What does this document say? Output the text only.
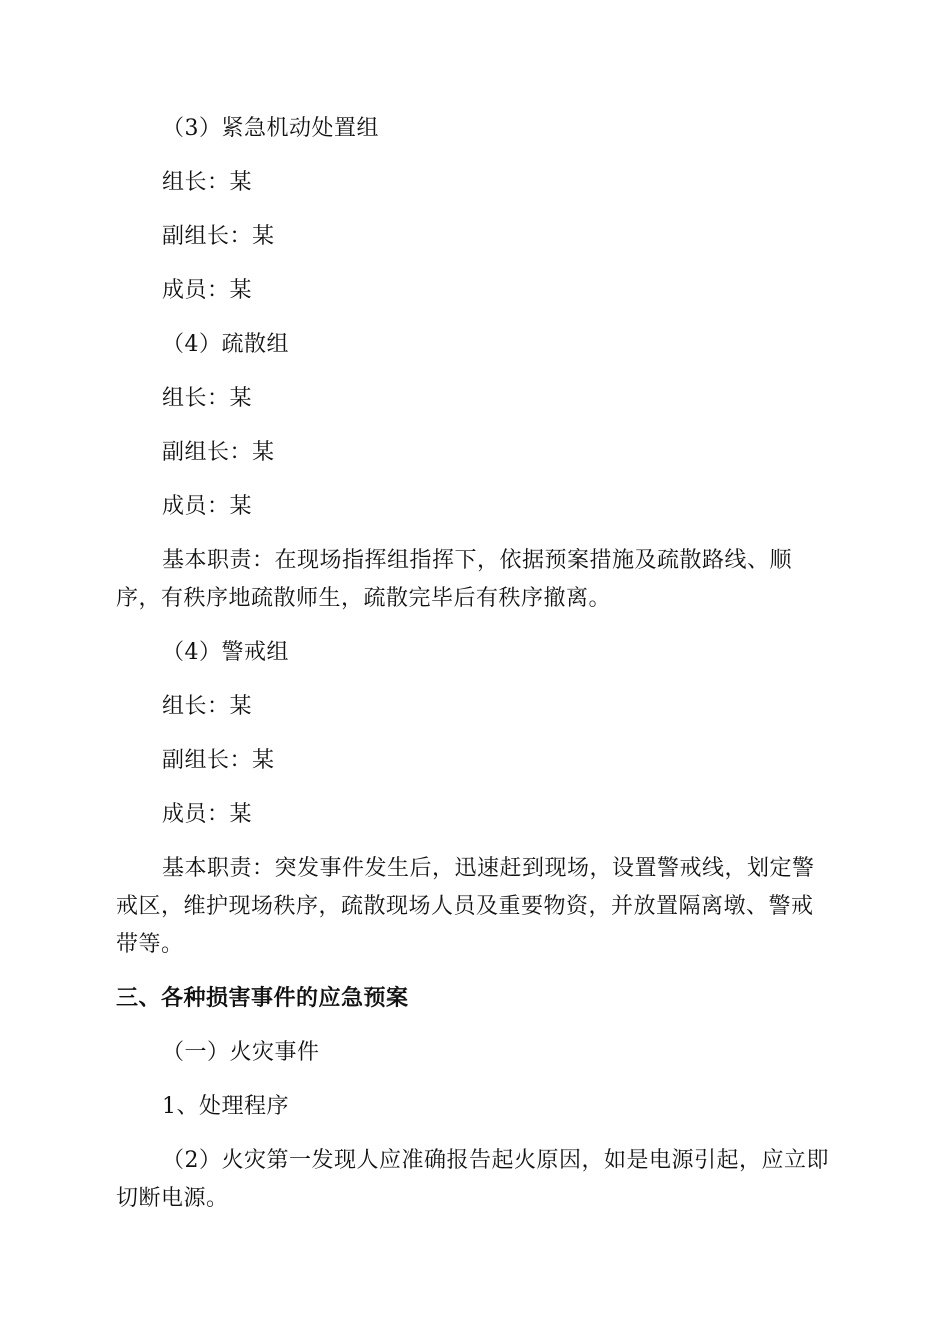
（3）紧急机动处置组

组长：某

副组长：某

成员：某

（4）疏散组

组长：某

副组长：某

成员：某

基本职责：在现场指挥组指挥下，依据预案措施及疏散路线、顺序，有秩序地疏散师生，疏散完毕后有秩序撤离。

（4）警戒组

组长：某

副组长：某

成员：某

基本职责：突发事件发生后，迅速赶到现场，设置警戒线，划定警戒区，维护现场秩序，疏散现场人员及重要物资，并放置隔离墩、警戒带等。

三、各种损害事件的应急预案

（一）火灾事件

1、处理程序

（2）火灾第一发现人应准确报告起火原因，如是电源引起，应立即切断电源。
